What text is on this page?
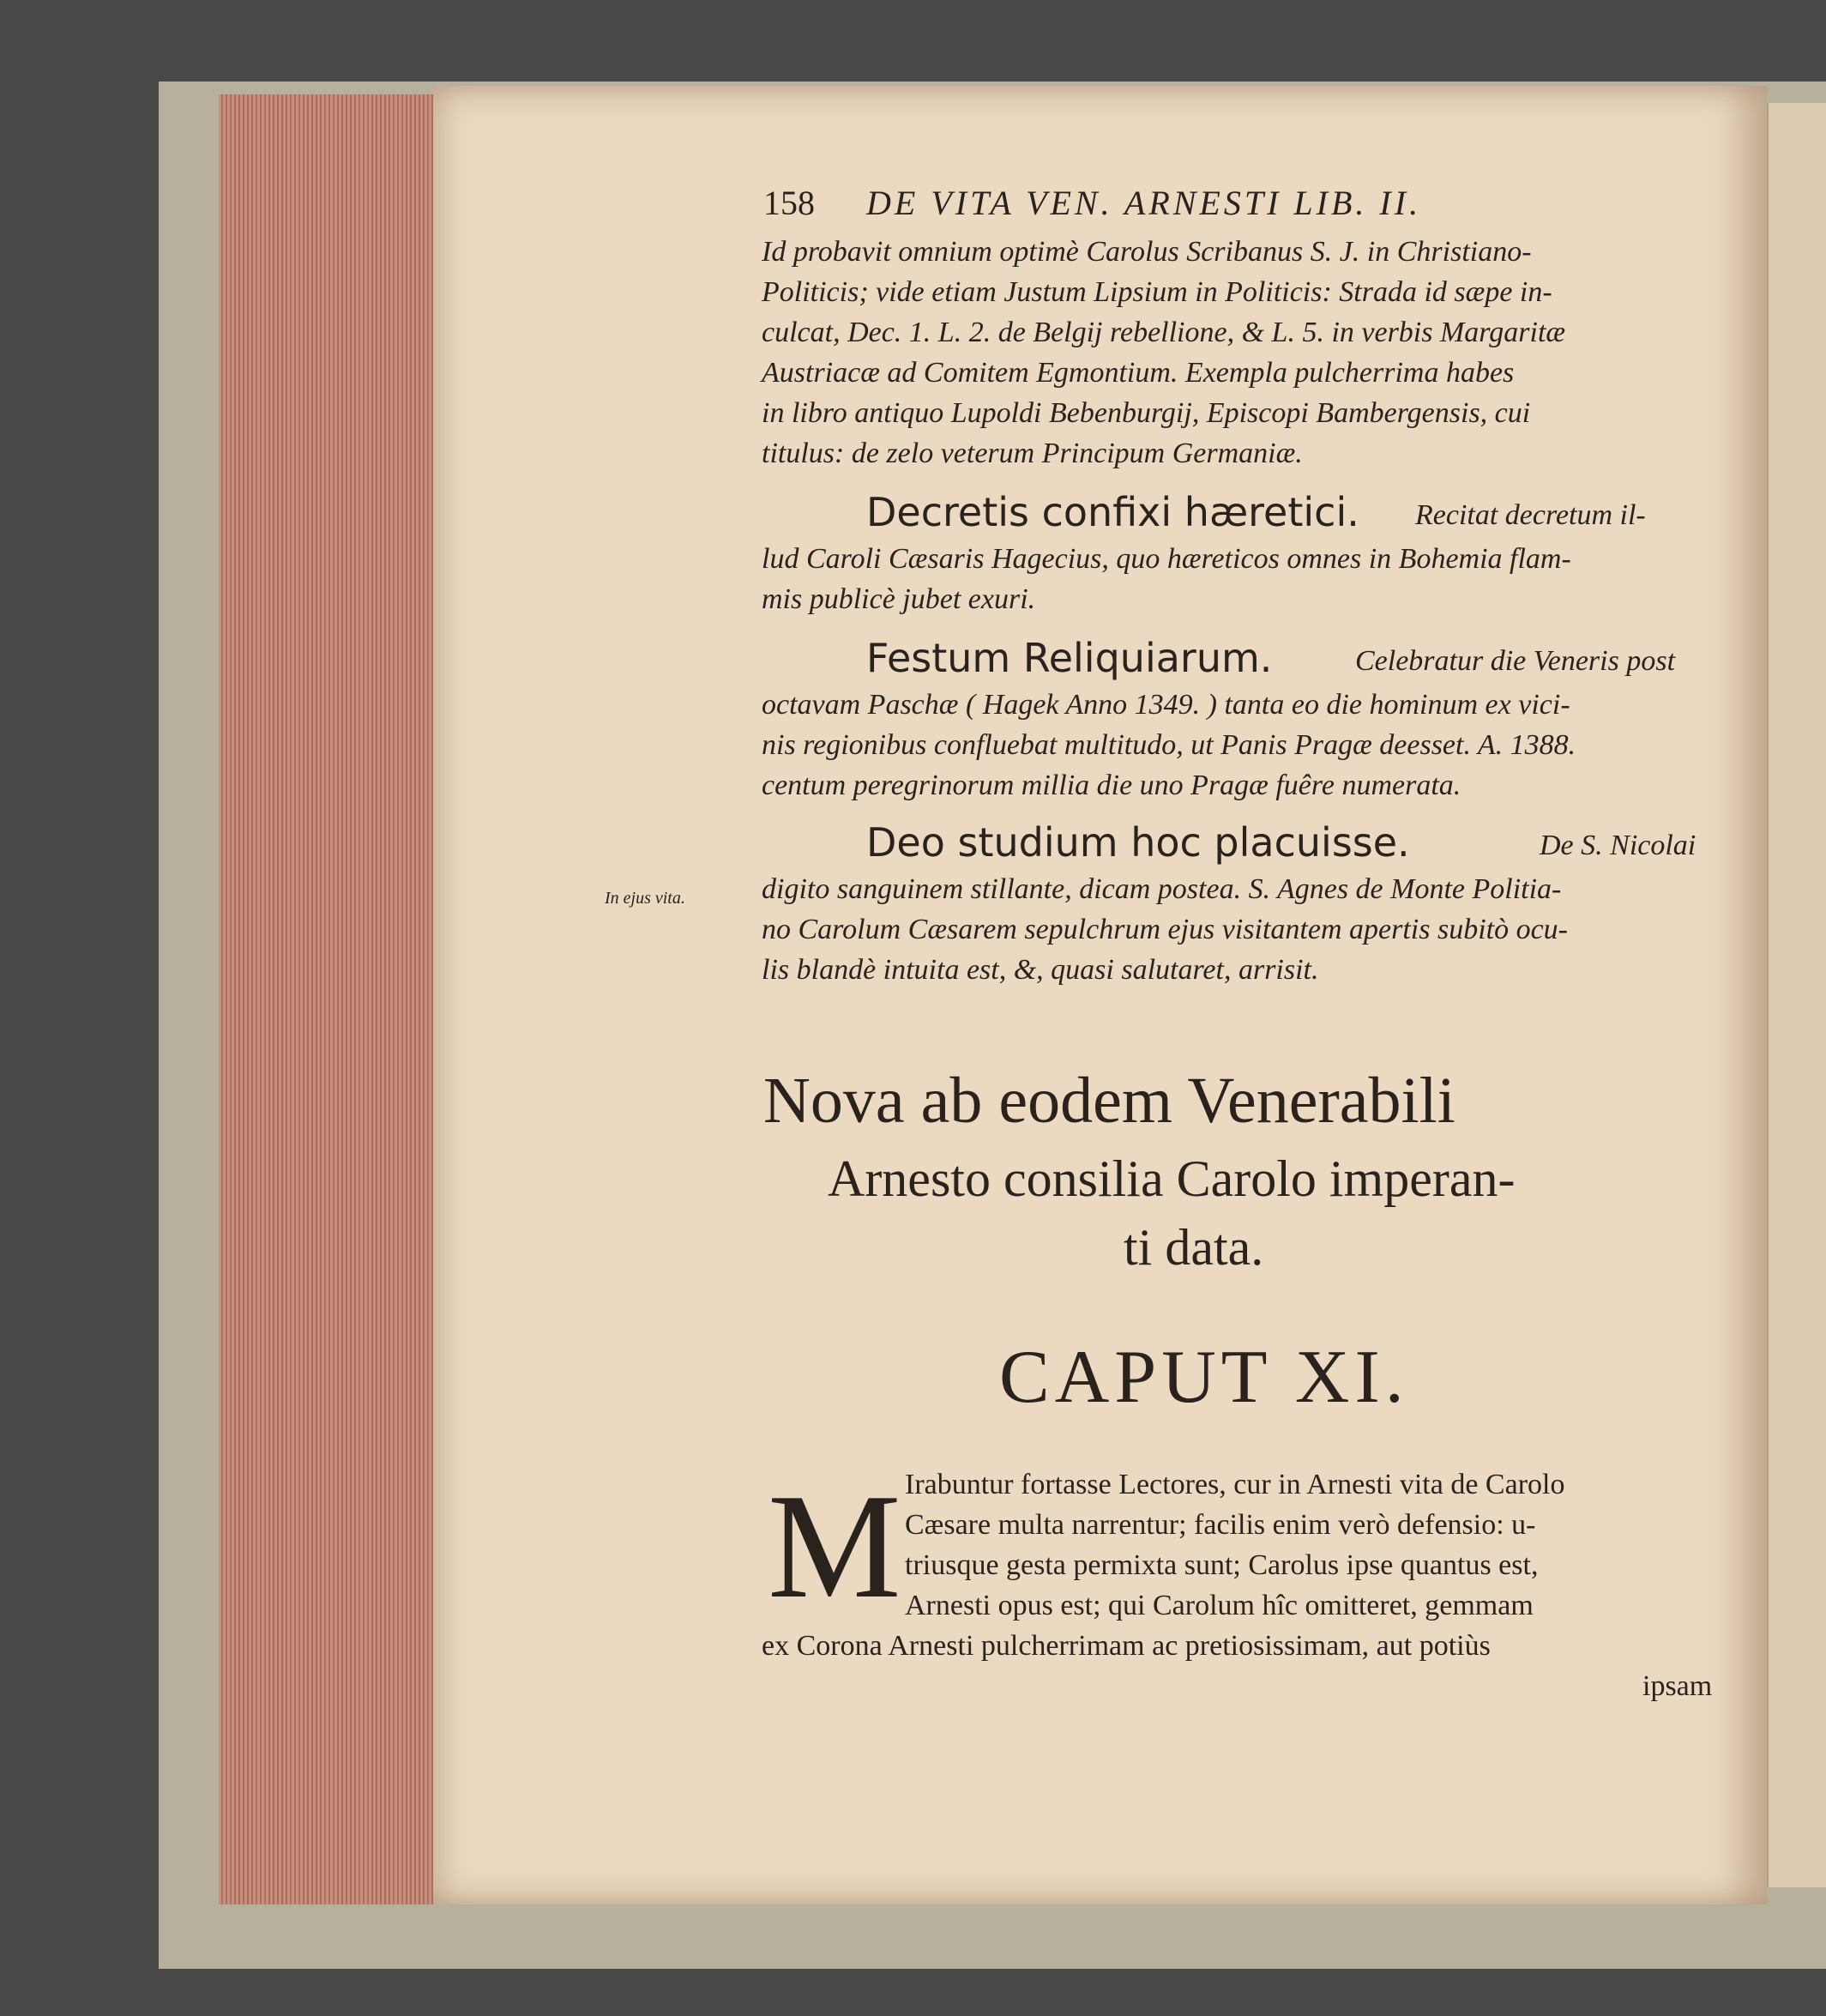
158 DE VITA VEN. ARNESTI LIB. II.
Id probavit omnium optimè Carolus Scribanus S. J. in Christiano-
Politicis; vide etiam Justum Lipsium in Politicis: Strada id sæpe in-
culcat, Dec. 1. L. 2. de Belgij rebellione, & L. 5. in verbis Margaritæ
Austriacæ ad Comitem Egmontium. Exempla pulcherrima habes
in libro antiquo Lupoldi Bebenburgij, Episcopi Bambergensis, cui
titulus: de zelo veterum Principum Germaniæ.
Decretis confixi hæretici. Recitat decretum il-
lud Caroli Cæsaris Hagecius, quo hæreticos omnes in Bohemia flam-
mis publicè jubet exuri.
Festum Reliquiarum.	Celebratur die Veneris post
octavam Paschæ ( Hagek Anno 1349. ) tanta eo die hominum ex vici-
nis regionibus confluebat multitudo, ut Panis Pragæ deesset. A. 1388.
centum peregrinorum millia die uno Pragæ fuêre numerata.
Deo studium hoc placuisse.	De S. Nicolai
In ejus vita.	digito sanguinem stillante, dicam postea. S. Agnes de Monte Politia-
no Carolum Cæsarem sepulchrum ejus visitantem apertis subitò ocu-
lis blandè intuita est, &, quasi salutaret, arrisit.
Nova ab eodem Venerabili
Arnesto consilia Carolo imperan-
ti data.
CAPUT XI.
M Irabuntur fortasse Lectores, cur in Arnesti vita de Carolo
Cæsare multa narrentur; facilis enim verò defensio: u-
triusque gesta permixta sunt; Carolus ipse quantus est,
Arnesti opus est; qui Carolum hîc omitteret, gemmam
ex Corona Arnesti pulcherrimam ac pretiosissimam, aut potiùs
ipsam
